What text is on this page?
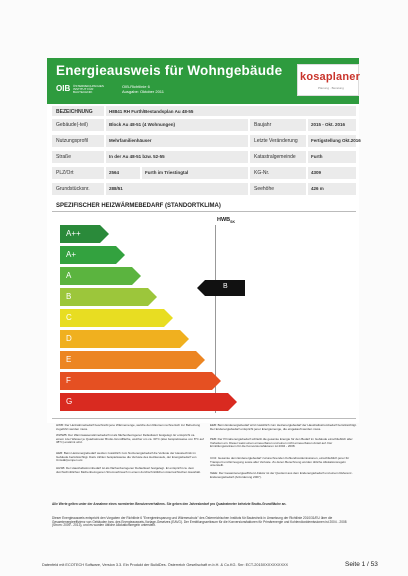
Energieausweis für Wohngebäude
OIB ÖSTERREICHISCHES INSTITUT FÜR BAUTECHNIK
OIB-Richtlinie 6
Ausgabe: Oktober 2011
kosaplaner
Planung · Beratung
BEZEICHNUNG	H8841 RH Furth/Bestandsplan Au 48-55
Gebäude(-teil)	Block Au 48-51 (4 Wohnungen)	Baujahr	2015 - Okt. 2016
Nutzungsprofil	Mehrfamilienhäuser	Letzte Veränderung	Fertigstellung Okt.2016
Straße	In der Au 48-51 bzw. 52-55	Katastralgemeinde	Furth
PLZ/Ort	2564	Furth im Triestingtal	KG-Nr.	4309
Grundstücksnr.	288/51	Seehöhe	426 m
SPEZIFISCHER HEIZWÄRMEBEDARF (STANDORTKLIMA)
$HWB_{SK}$
A++
A+
A
B
C
D
E
F
G
B
HWB: Der Heizwärmebedarf beschreibt jene Wärmemenge, welche den Räumen rechnerisch zur Beheizung zugeführt werden muss.
WWWB: Der Warmwasserwärmebedarf ist als flächenbezogener Defaultwert festgelegt. Er entspricht ca. einem Liter Wasser je Quadratmeter Brutto-Grundfläche, welcher um ca. 30°C (also beispielsweise von 8°C auf 38°C) erwärmt wird.
HEB: Beim Heizenergiebedarf werden zusätzlich zum Nutzenergiebedarf die Verluste der Haustechnik im Gebäude berücksichtigt. Dazu zählen beispielsweise die Verluste des Heizkessels, der Energiebedarf von Umwälzpumpen etc.
HHSB: Der Haushaltsstrombedarf ist als flächenbezogener Defaultwert festgelegt. Er entspricht ca. dem durchschnittlichen flächenbezogenen Stromverbrauch in einem durchschnittlichen österreichischen Haushalt.
EEB: Beim Endenergiebedarf wird zusätzlich zum Heizenergiebedarf der Haushaltsstrombedarf berücksichtigt. Der Endenergiebedarf entspricht jener Energiemenge, die eingekauft werden muss.
PEB: Der Primärenergiebedarf schließt die gesamte Energie für den Bedarf im Gebäude einschließlich aller Vorketten ein. Dieser weist einen erneuerbaren und einen nicht erneuerbaren Anteil auf. Der Ermittlungszeitraum für die Konversionsfaktoren ist 2004 - 2008.
CO2: Gesamte dem Endenergiebedarf zuzurechnenden Kohlendioxidemissionen, einschließlich jener für Transport und Erzeugung sowie aller Verluste. Zu deren Berechnung wurden übliche Allokationsregeln unterstellt.
fGEE: Der Gesamtenergieeffizienz-Faktor ist der Quotient aus dem Endenergiebedarf und einem Referenz-Endenergiebedarf (Anforderung 2007).
Alle Werte gelten unter der Annahme eines normierten Benutzerverhaltens. Sie geben den Jahresbedarf pro Quadratmeter beheizte Brutto-Grundfläche an.
Dieser Energieausweis entspricht den Vorgaben der Richtlinie 6 "Energieeinsparung und Wärmeschutz" des Österreichischen Instituts für Bautechnik in Umsetzung der Richtlinie 2010/31/EU über die Gesamtenergieeffizienz von Gebäuden bzw. des Energieausweis-Vorlage-Gesetzes (EAVG). Der Ermittlungszeitraum für die Konversionsfaktoren für Primärenergie und Kohlendioxidemissionen ist 2004 - 2008 (Strom: 2009 - 2013), und es wurden übliche Allokationsregeln unterstellt.
Datenfeld mit ECOTECH Software, Version 3.3. Ein Produkt der BuildDes. Österreich Gesellschaft m.b.H. & Co.KG. Snr: ECT-2015XXXXXXXXXX	Seite 1 / 53
